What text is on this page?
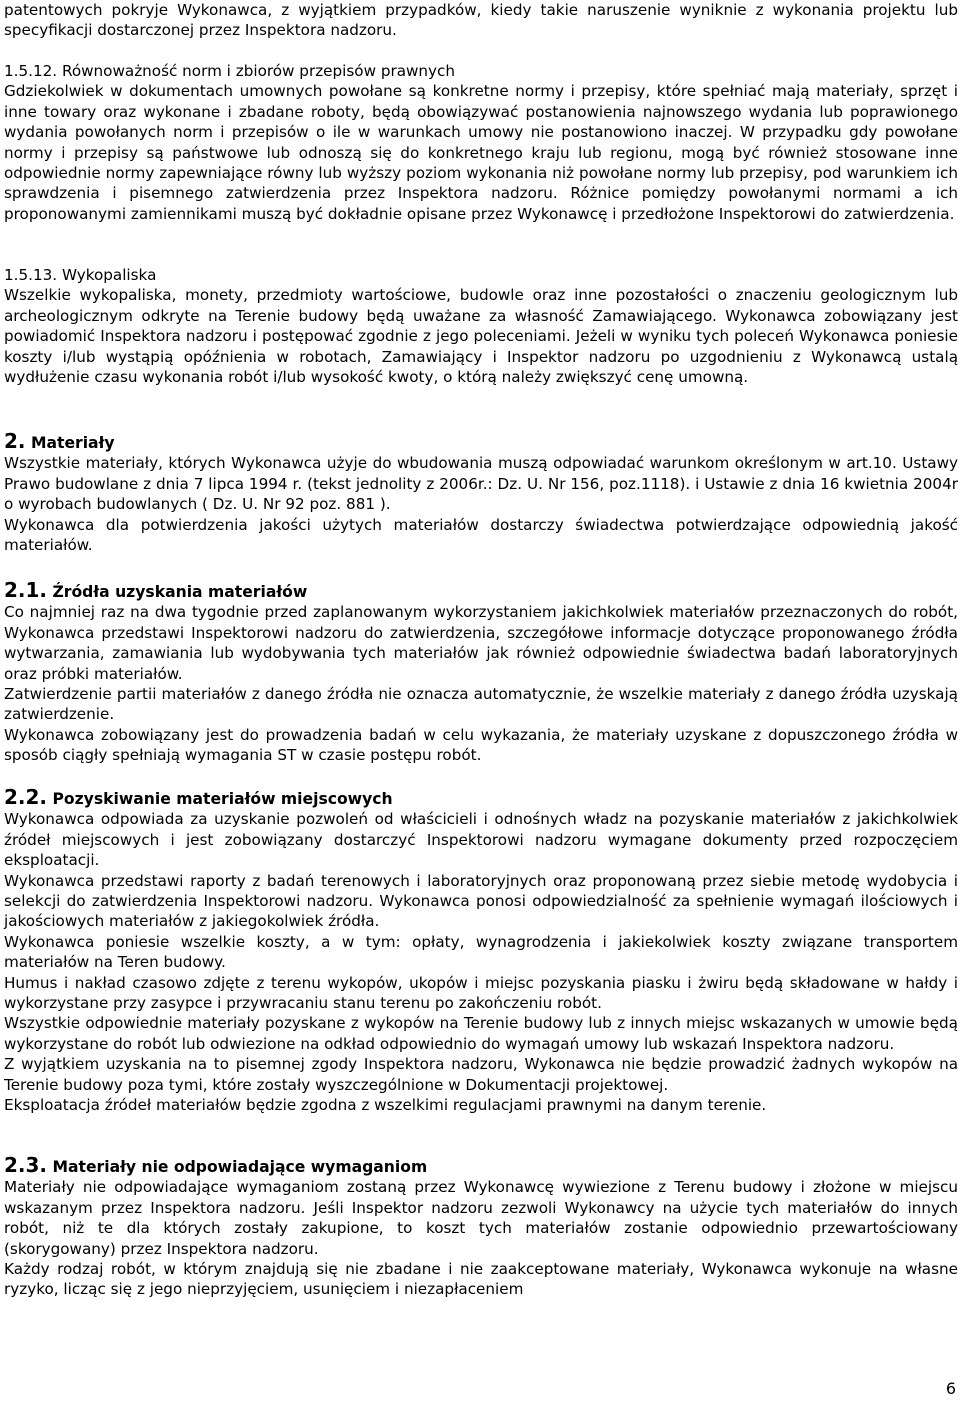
patentowych pokryje Wykonawca, z wyjątkiem przypadków, kiedy takie naruszenie wyniknie z wykonania projektu lub specyfikacji dostarczonej przez Inspektora nadzoru.

1.5.12. Równoważność norm i zbiorów przepisów prawnych

Gdziekolwiek w dokumentach umownych powołane są konkretne normy i przepisy, które spełniać mają materiały, sprzęt i inne towary oraz wykonane i zbadane roboty, będą obowiązywać postanowienia najnowszego wydania lub poprawionego wydania powołanych norm i przepisów o ile w warunkach umowy nie postanowiono inaczej. W przypadku gdy powołane normy i przepisy są państwowe lub odnoszą się do konkretnego kraju lub regionu, mogą być również stosowane inne odpowiednie normy zapewniające równy lub wyższy poziom wykonania niż powołane normy lub przepisy, pod warunkiem ich sprawdzenia i pisemnego zatwierdzenia przez Inspektora nadzoru. Różnice pomiędzy powołanymi normami a ich proponowanymi zamiennikami muszą być dokładnie opisane przez Wykonawcę i przedłożone Inspektorowi do zatwierdzenia.

1.5.13. Wykopaliska

Wszelkie wykopaliska, monety, przedmioty wartościowe, budowle oraz inne pozostałości o znaczeniu geologicznym lub archeologicznym odkryte na Terenie budowy będą uważane za własność Zamawiającego. Wykonawca zobowiązany jest powiadomić Inspektora nadzoru i postępować zgodnie z jego poleceniami. Jeżeli w wyniku tych poleceń Wykonawca poniesie koszty i/lub wystąpią opóźnienia w robotach, Zamawiający i Inspektor nadzoru po uzgodnieniu z Wykonawcą ustalą wydłużenie czasu wykonania robót i/lub wysokość kwoty, o którą należy zwiększyć cenę umowną.

2. Materiały

Wszystkie materiały, których Wykonawca użyje do wbudowania muszą odpowiadać warunkom określonym w art.10. Ustawy Prawo budowlane z dnia 7 lipca 1994 r. (tekst jednolity z 2006r.: Dz. U. Nr 156, poz.1118). i Ustawie z dnia 16 kwietnia 2004r o wyrobach budowlanych ( Dz. U. Nr 92 poz. 881 ).

Wykonawca dla potwierdzenia jakości użytych materiałów dostarczy świadectwa potwierdzające odpowiednią jakość materiałów.

2.1. Źródła uzyskania materiałów

Co najmniej raz na dwa tygodnie przed zaplanowanym wykorzystaniem jakichkolwiek materiałów przeznaczonych do robót, Wykonawca przedstawi Inspektorowi nadzoru do zatwierdzenia, szczegółowe informacje dotyczące proponowanego źródła wytwarzania, zamawiania lub wydobywania tych materiałów jak również odpowiednie świadectwa badań laboratoryjnych oraz próbki materiałów.

Zatwierdzenie partii materiałów z danego źródła nie oznacza automatycznie, że wszelkie materiały z danego źródła uzyskają zatwierdzenie.

Wykonawca zobowiązany jest do prowadzenia badań w celu wykazania, że materiały uzyskane z dopuszczonego źródła w sposób ciągły spełniają wymagania ST w czasie postępu robót.

2.2. Pozyskiwanie materiałów miejscowych

Wykonawca odpowiada za uzyskanie pozwoleń od właścicieli i odnośnych władz na pozyskanie materiałów z jakichkolwiek źródeł miejscowych i jest zobowiązany dostarczyć Inspektorowi nadzoru wymagane dokumenty przed rozpoczęciem eksploatacji.

Wykonawca przedstawi raporty z badań terenowych i laboratoryjnych oraz proponowaną przez siebie metodę wydobycia i selekcji do zatwierdzenia Inspektorowi nadzoru. Wykonawca ponosi odpowiedzialność za spełnienie wymagań ilościowych i jakościowych materiałów z jakiegokolwiek źródła.

Wykonawca poniesie wszelkie koszty, a w tym: opłaty, wynagrodzenia i jakiekolwiek koszty związane transportem materiałów na Teren budowy.

Humus i nakład czasowo zdjęte z terenu wykopów, ukopów i miejsc pozyskania piasku i żwiru będą składowane w hałdy i wykorzystane przy zasypce i przywracaniu stanu terenu po zakończeniu robót.

Wszystkie odpowiednie materiały pozyskane z wykopów na Terenie budowy lub z innych miejsc wskazanych w umowie będą wykorzystane do robót lub odwiezione na odkład odpowiednio do wymagań umowy lub wskazań Inspektora nadzoru.

Z wyjątkiem uzyskania na to pisemnej zgody Inspektora nadzoru, Wykonawca nie będzie prowadzić żadnych wykopów na Terenie budowy poza tymi, które zostały wyszczególnione w Dokumentacji projektowej.

Eksploatacja źródeł materiałów będzie zgodna z wszelkimi regulacjami prawnymi na danym terenie.

2.3. Materiały nie odpowiadające wymaganiom

Materiały nie odpowiadające wymaganiom zostaną przez Wykonawcę wywiezione z Terenu budowy i złożone w miejscu wskazanym przez Inspektora nadzoru. Jeśli Inspektor nadzoru zezwoli Wykonawcy na użycie tych materiałów do innych robót, niż te dla których zostały zakupione, to koszt tych materiałów zostanie odpowiednio przewartościowany (skorygowany) przez Inspektora nadzoru.

Każdy rodzaj robót, w którym znajdują się nie zbadane i nie zaakceptowane materiały, Wykonawca wykonuje na własne ryzyko, licząc się z jego nieprzyjęciem, usunięciem i niezapłaceniem

6
